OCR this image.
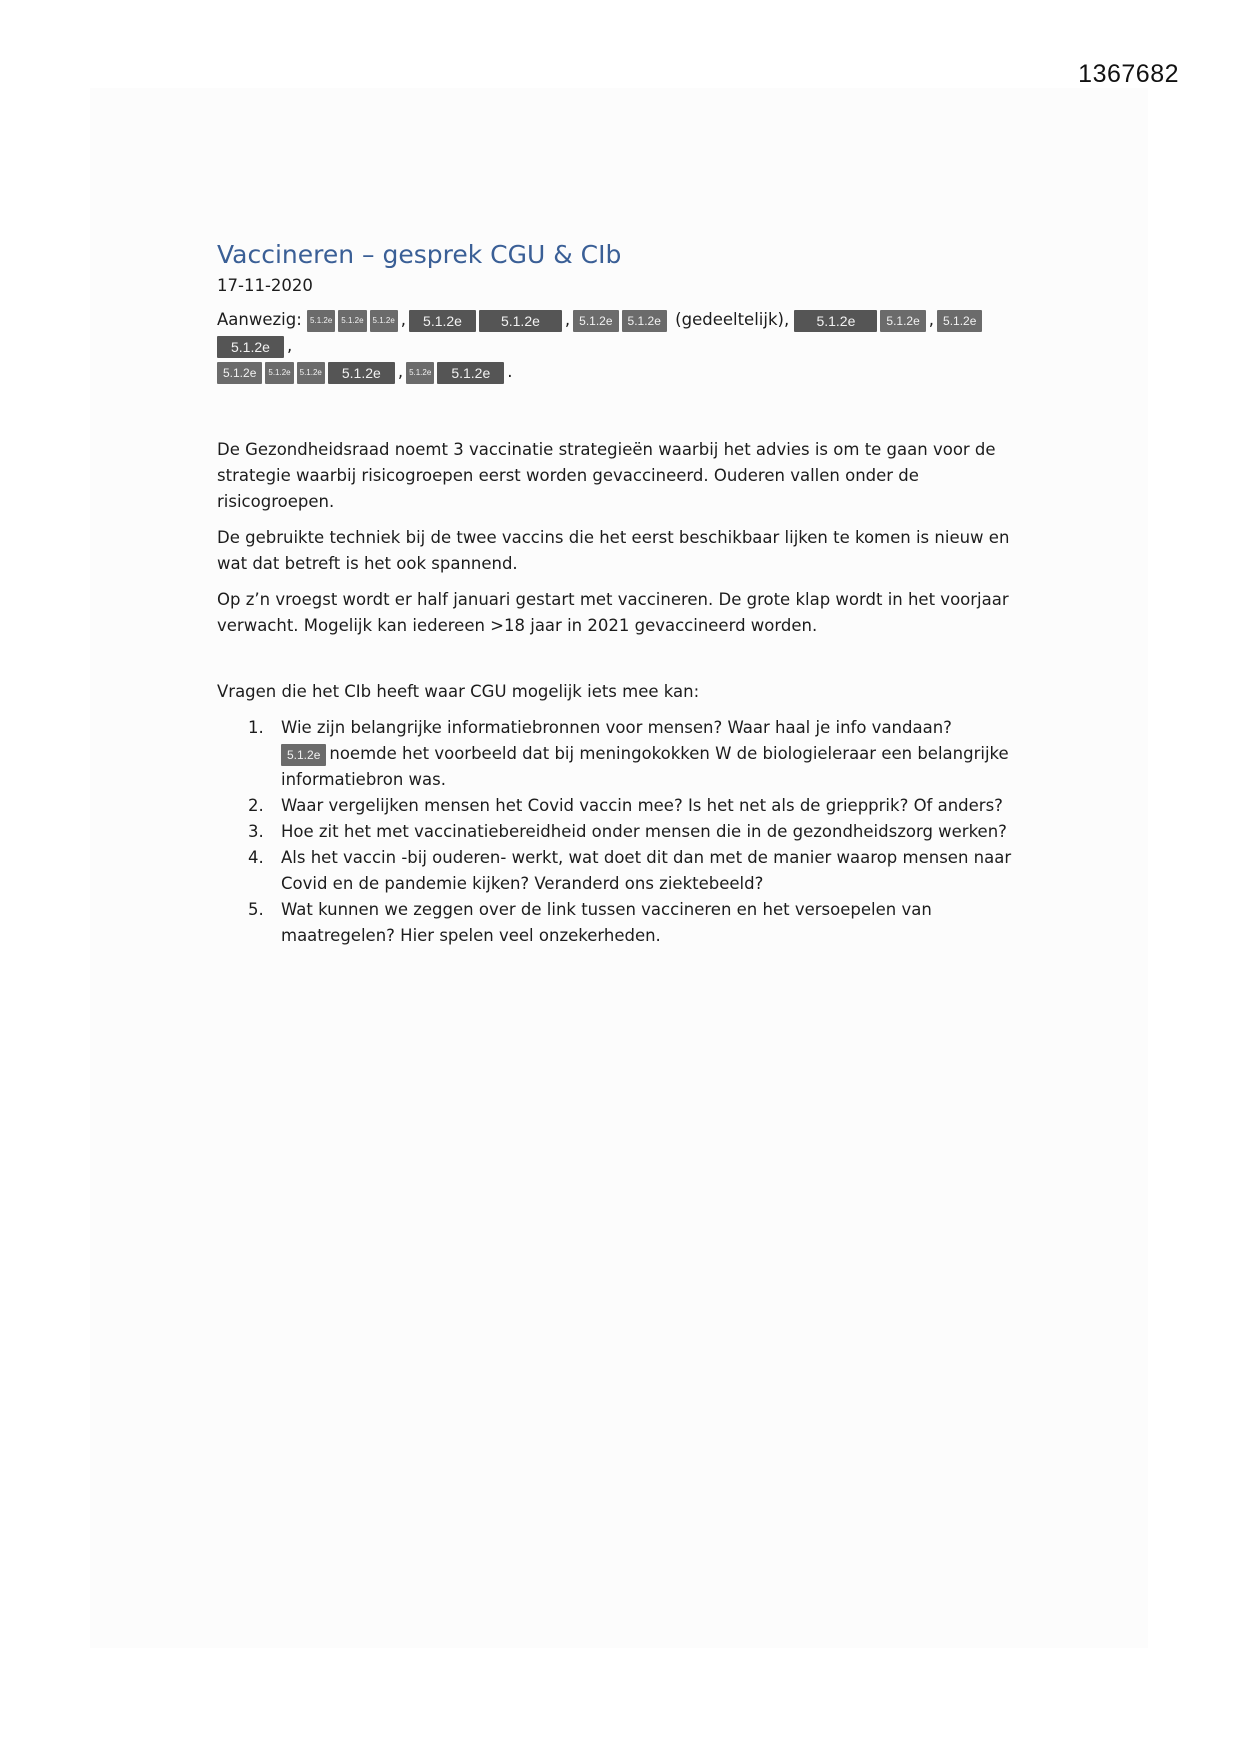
1367682
Vaccineren – gesprek CGU & CIb
17-11-2020
Aanwezig: 5.1.2e 5.1.2e 5.1.2e , 5.1.2e	5.1.2e , 5.1.2e 5.1.2e (gedeeltelijk), 5.1.2e	5.1.2e , 5.1.2e5.1.2e ,
5.1.2e 5.1.2e 5.1.2e 5.1.2e , 5.1.2e 5.1.2e .

De Gezondheidsraad noemt 3 vaccinatie strategieën waarbij het advies is om te gaan voor de strategie waarbij risicogroepen eerst worden gevaccineerd. Ouderen vallen onder de risicogroepen.

De gebruikte techniek bij de twee vaccins die het eerst beschikbaar lijken te komen is nieuw en wat dat betreft is het ook spannend.

Op z’n vroegst wordt er half januari gestart met vaccineren. De grote klap wordt in het voorjaar verwacht. Mogelijk kan iedereen >18 jaar in 2021 gevaccineerd worden.

Vragen die het CIb heeft waar CGU mogelijk iets mee kan:

1. Wie zijn belangrijke informatiebronnen voor mensen? Waar haal je info vandaan?
5.1.2e noemde het voorbeeld dat bij meningokokken W de biologieleraar een belangrijke informatiebron was.
2. Waar vergelijken mensen het Covid vaccin mee? Is het net als de griepprik? Of anders?
3. Hoe zit het met vaccinatiebereidheid onder mensen die in de gezondheidszorg werken?
4. Als het vaccin -bij ouderen- werkt, wat doet dit dan met de manier waarop mensen naar Covid en de pandemie kijken? Veranderd ons ziektebeeld?
5. Wat kunnen we zeggen over de link tussen vaccineren en het versoepelen van maatregelen? Hier spelen veel onzekerheden.
